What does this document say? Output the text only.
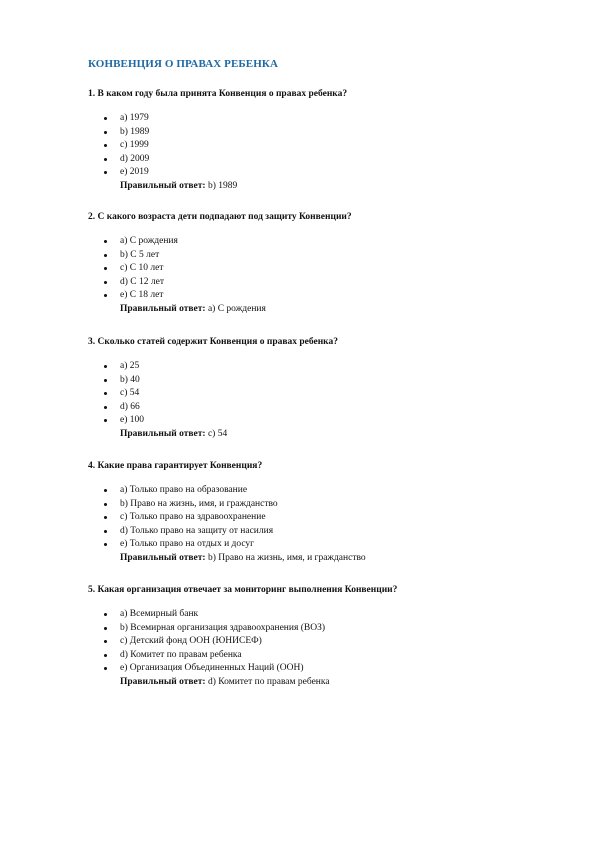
КОНВЕНЦИЯ О ПРАВАХ РЕБЕНКА
1. В каком году была принята Конвенция о правах ребенка?
a) 1979
b) 1989
c) 1999
d) 2009
e) 2019
Правильный ответ: b) 1989
2. С какого возраста дети подпадают под защиту Конвенции?
a) С рождения
b) С 5 лет
c) С 10 лет
d) С 12 лет
e) С 18 лет
Правильный ответ: a) С рождения
3. Сколько статей содержит Конвенция о правах ребенка?
a) 25
b) 40
c) 54
d) 66
e) 100
Правильный ответ: c) 54
4. Какие права гарантирует Конвенция?
a) Только право на образование
b) Право на жизнь, имя, и гражданство
c) Только право на здравоохранение
d) Только право на защиту от насилия
e) Только право на отдых и досуг
Правильный ответ: b) Право на жизнь, имя, и гражданство
5. Какая организация отвечает за мониторинг выполнения Конвенции?
a) Всемирный банк
b) Всемирная организация здравоохранения (ВОЗ)
c) Детский фонд ООН (ЮНИСЕФ)
d) Комитет по правам ребенка
e) Организация Объединенных Наций (ООН)
Правильный ответ: d) Комитет по правам ребенка
